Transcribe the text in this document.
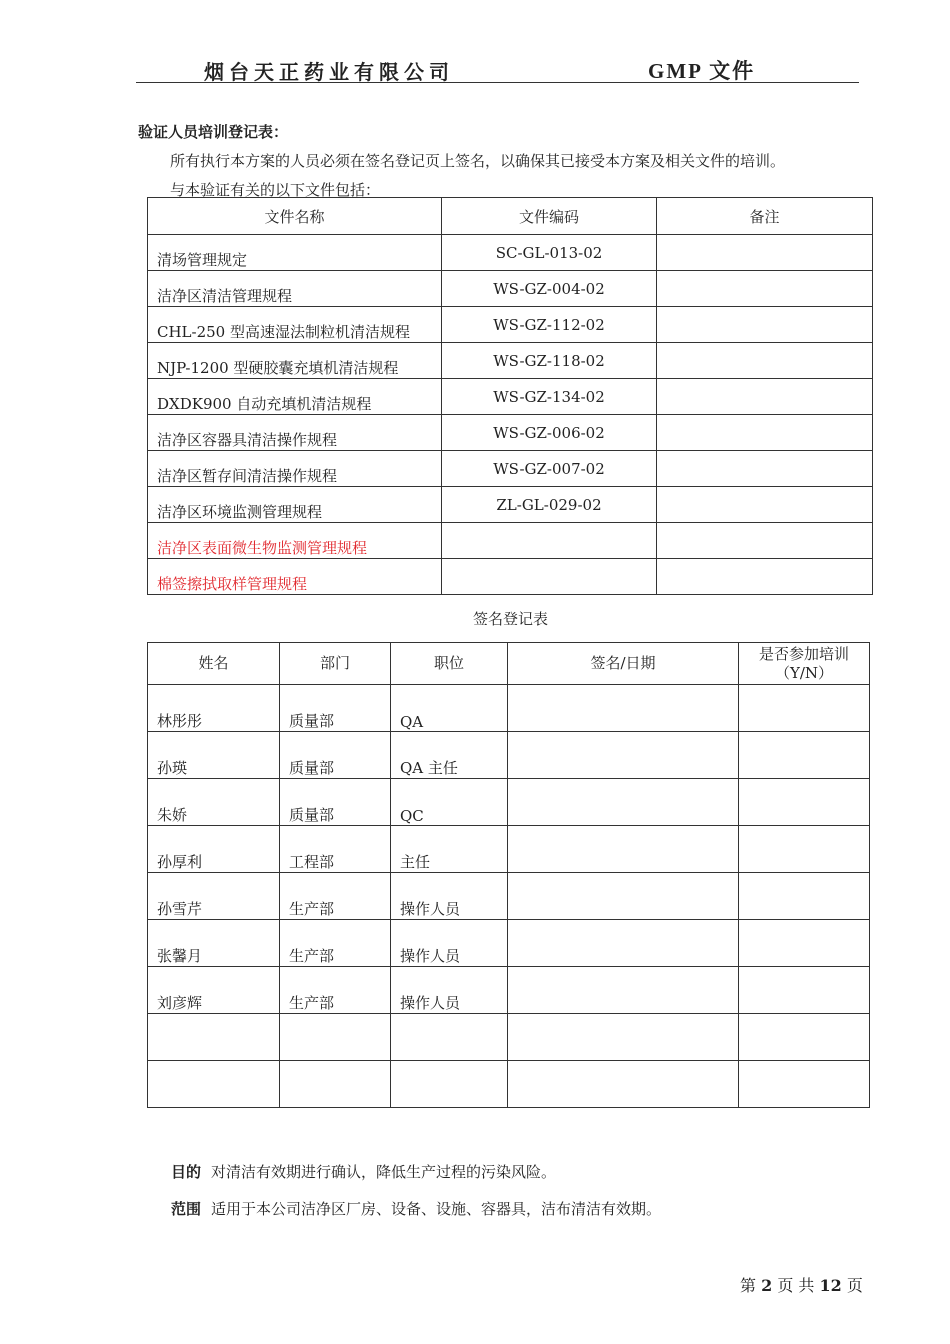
烟台天正药业有限公司	GMP 文件
验证人员培训登记表：
所有执行本方案的人员必须在签名登记页上签名，以确保其已接受本方案及相关文件的培训。
与本验证有关的以下文件包括：
文件名称	文件编码	备注
清场管理规定	SC-GL-013-02	
洁净区清洁管理规程	WS-GZ-004-02	
CHL-250 型高速湿法制粒机清洁规程	WS-GZ-112-02	
NJP-1200 型硬胶囊充填机清洁规程	WS-GZ-118-02	
DXDK900 自动充填机清洁规程	WS-GZ-134-02	
洁净区容器具清洁操作规程	WS-GZ-006-02	
洁净区暂存间清洁操作规程	WS-GZ-007-02	
洁净区环境监测管理规程	ZL-GL-029-02	
洁净区表面微生物监测管理规程		
棉签擦拭取样管理规程		
签名登记表
姓名	部门	职位	签名/日期	是否参加培训
（Y/N）
林彤彤	质量部	QA		
孙瑛	质量部	QA 主任		
朱娇	质量部	QC		
孙厚利	工程部	主任		
孙雪芹	生产部	操作人员		
张馨月	生产部	操作人员		
刘彦辉	生产部	操作人员		

目的 对清洁有效期进行确认，降低生产过程的污染风险。
范围 适用于本公司洁净区厂房、设备、设施、容器具，洁布清洁有效期。
第 2 页 共 12 页
